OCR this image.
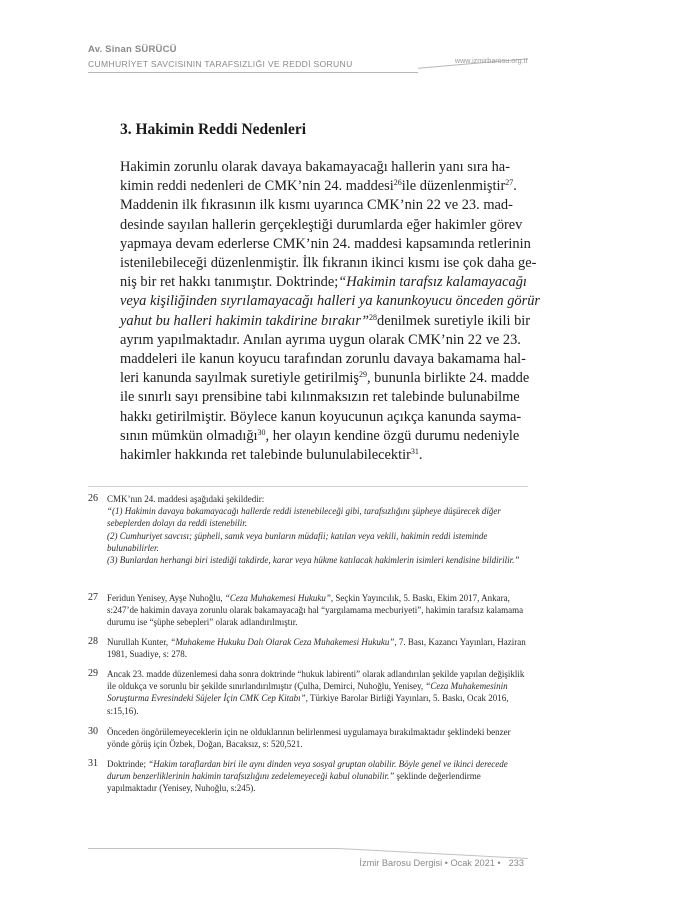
Av. Sinan SÜRÜCÜ
CUMHURİYET SAVCISININ TARAFSIZLIĞI VE REDDİ SORUNU	www.izmirbarosu.org.tr
3. Hakimin Reddi Nedenleri
Hakimin zorunlu olarak davaya bakamayacağı hallerin yanı sıra ha-
kimin reddi nedenleri de CMK’nin 24. maddesi$^{26}$ile düzenlenmiştir$^{27}$.
Maddenin ilk fıkrasının ilk kısmı uyarınca CMK’nin 22 ve 23. mad-
desinde sayılan hallerin gerçekleştiği durumlarda eğer hakimler görev
yapmaya devam ederlerse CMK’nin 24. maddesi kapsamında retlerinin
istenilebileceği düzenlenmiştir. İlk fıkranın ikinci kısmı ise çok daha ge-
niş bir ret hakkı tanımıştır. Doktrinde;“Hakimin tarafsız kalamayacağı
veya kişiliğinden sıyrılamayacağı halleri ya kanunkoyucu önceden görür
yahut bu halleri hakimin takdirine bırakır”$^{28}$denilmek suretiyle ikili bir
ayrım yapılmaktadır. Anılan ayrıma uygun olarak CMK’nin 22 ve 23.
maddeleri ile kanun koyucu tarafından zorunlu davaya bakamama hal-
leri kanunda sayılmak suretiyle getirilmiş$^{29}$, bununla birlikte 24. madde
ile sınırlı sayı prensibine tabi kılınmaksızın ret talebinde bulunabilme
hakkı getirilmiştir. Böylece kanun koyucunun açıkça kanunda sayma-
sının mümkün olmadığı$^{30}$, her olayın kendine özgü durumu nedeniyle
hakimler hakkında ret talebinde bulunulabilecektir$^{31}$.
26 CMK’nın 24. maddesi aşağıdaki şekildedir:
“(1) Hakimin davaya bakamayacağı hallerde reddi istenebileceği gibi, tarafsızlığını şüpheye düşürecek diğer sebeplerden dolayı da reddi istenebilir.
(2) Cumhuriyet savcısı; şüpheli, sanık veya bunların müdafii; katılan veya vekili, hakimin reddi isteminde bulunabilirler.
(3) Bunlardan herhangi biri istediği takdirde, karar veya hükme katılacak hakimlerin isimleri kendisine bildirilir.”
27 Feridun Yenisey, Ayşe Nuhoğlu, “Ceza Muhakemesi Hukuku”, Seçkin Yayıncılık, 5. Baskı, Ekim 2017, Ankara, s:247’de hakimin davaya zorunlu olarak bakamayacağı hal “yargılamama mecburiyeti”, hakimin tarafsız kalamama durumu ise “şüphe sebepleri” olarak adlandırılmıştır.
28 Nurullah Kunter, “Muhakeme Hukuku Dalı Olarak Ceza Muhakemesi Hukuku”, 7. Bası, Kazancı Yayınları, Haziran 1981, Suadiye, s: 278.
29 Ancak 23. madde düzenlemesi daha sonra doktrinde “hukuk labirenti” olarak adlandırılan şekilde yapılan değişiklik ile oldukça ve sorunlu bir şekilde sınırlandırılmıştır (Çulha, Demirci, Nuhoğlu, Yenisey, “Ceza Muhakemesinin Soruşturma Evresindeki Süjeler İçin CMK Cep Kitabı”, Türkiye Barolar Birliği Yayınları, 5. Baskı, Ocak 2016, s:15,16).
30 Önceden öngörülemeyeceklerin için ne olduklarının belirlenmesi uygulamaya bırakılmaktadır şeklindeki benzer yönde görüş için Özbek, Doğan, Bacaksız, s: 520,521.
31 Doktrinde; “Hakim taraflardan biri ile aynı dinden veya sosyal gruptan olabilir. Böyle genel ve ikinci derecede durum benzerliklerinin hakimin tarafsızlığını zedelemeyeceği kabul olunabilir.” şeklinde değerlendirme yapılmaktadır (Yenisey, Nuhoğlu, s:245).
İzmir Barosu Dergisi • Ocak 2021 • 233
